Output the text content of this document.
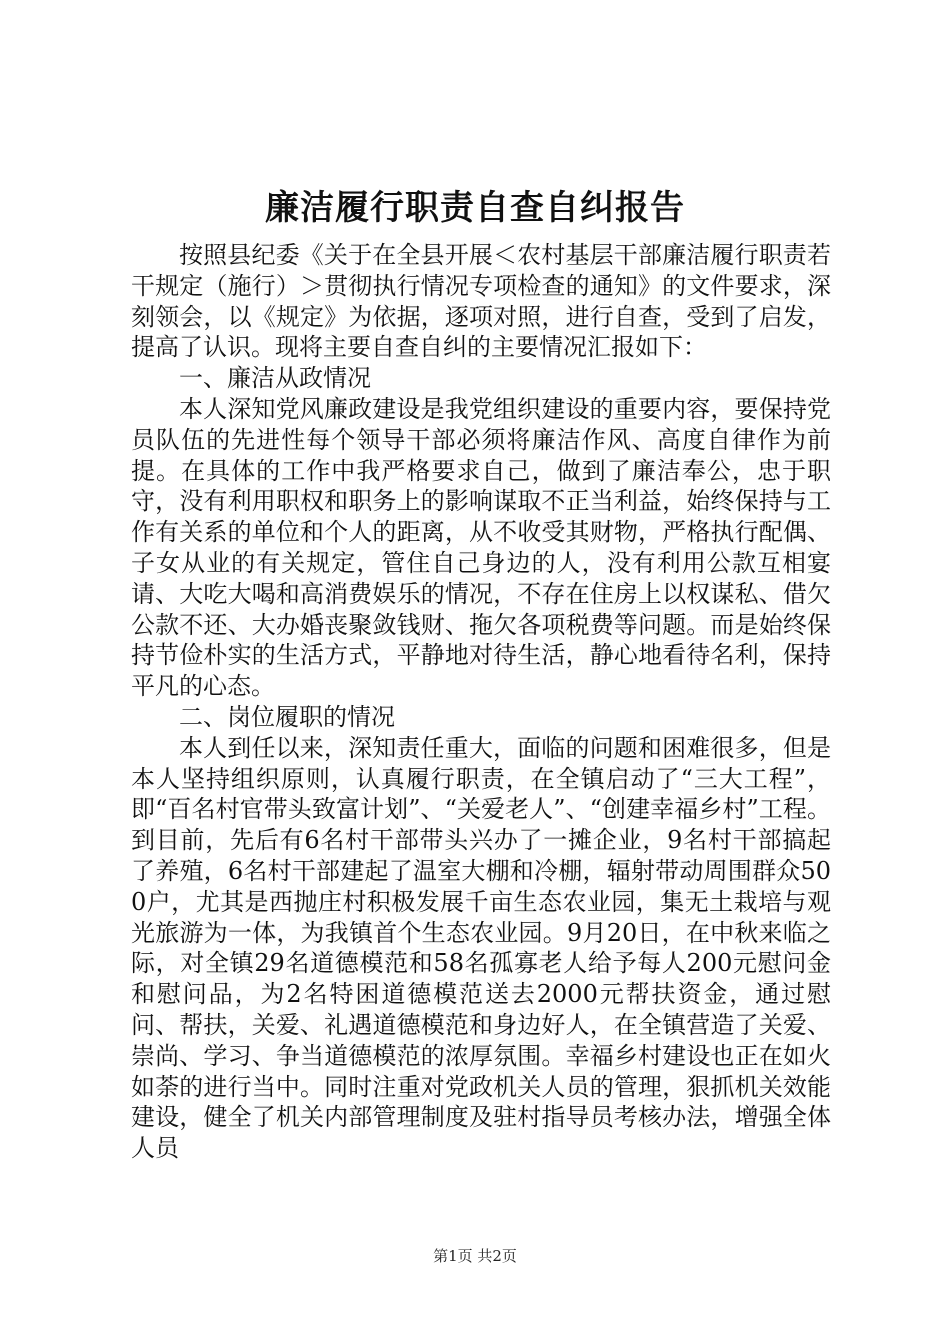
廉洁履行职责自查自纠报告

按照县纪委《关于在全县开展＜农村基层干部廉洁履行职责若干规定（施行）＞贯彻执行情况专项检查的通知》的文件要求，深刻领会，以《规定》为依据，逐项对照，进行自查，受到了启发，提高了认识。现将主要自查自纠的主要情况汇报如下：

一、廉洁从政情况

本人深知党风廉政建设是我党组织建设的重要内容，要保持党员队伍的先进性每个领导干部必须将廉洁作风、高度自律作为前提。在具体的工作中我严格要求自己，做到了廉洁奉公，忠于职守，没有利用职权和职务上的影响谋取不正当利益，始终保持与工作有关系的单位和个人的距离，从不收受其财物，严格执行配偶、子女从业的有关规定，管住自己身边的人，没有利用公款互相宴请、大吃大喝和高消费娱乐的情况，不存在住房上以权谋私、借欠公款不还、大办婚丧聚敛钱财、拖欠各项税费等问题。而是始终保持节俭朴实的生活方式，平静地对待生活，静心地看待名利，保持平凡的心态。

二、岗位履职的情况

本人到任以来，深知责任重大，面临的问题和困难很多，但是本人坚持组织原则，认真履行职责，在全镇启动了“三大工程”，即“百名村官带头致富计划”、“关爱老人”、“创建幸福乡村”工程。到目前，先后有6名村干部带头兴办了一摊企业，9名村干部搞起了养殖，6名村干部建起了温室大棚和冷棚，辐射带动周围群众500户，尤其是西抛庄村积极发展千亩生态农业园，集无土栽培与观光旅游为一体，为我镇首个生态农业园。9月20日，在中秋来临之际，对全镇29名道德模范和58名孤寡老人给予每人200元慰问金和慰问品，为2名特困道德模范送去2000元帮扶资金，通过慰问、帮扶，关爱、礼遇道德模范和身边好人，在全镇营造了关爱、崇尚、学习、争当道德模范的浓厚氛围。幸福乡村建设也正在如火如荼的进行当中。同时注重对党政机关人员的管理，狠抓机关效能建设，健全了机关内部管理制度及驻村指导员考核办法，增强全体人员

第1页 共2页
